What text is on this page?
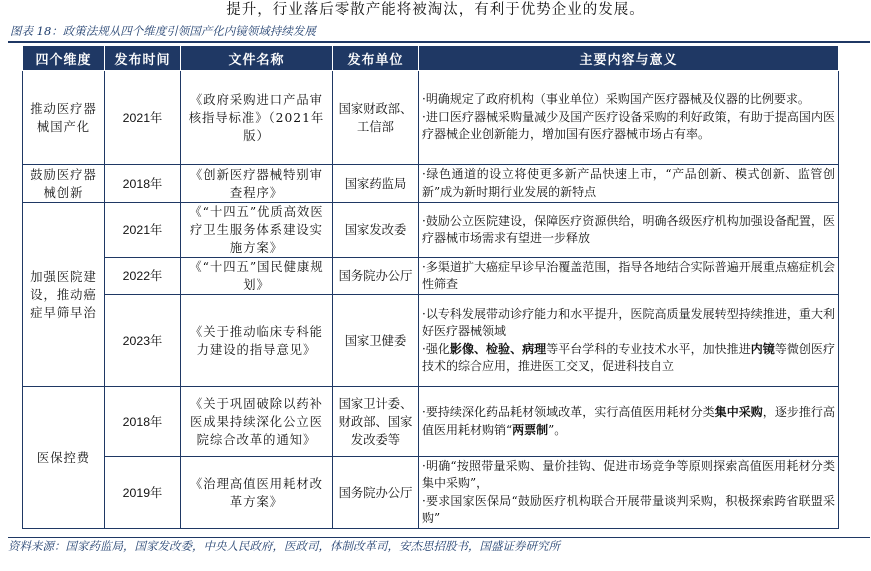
提升，行业落后零散产能将被淘汰，有利于优势企业的发展。
图表 18：政策法规从四个维度引领国产化内镜领域持续发展
四个维度	发布时间	文件名称	发布单位	主要内容与意义
推动医疗器械国产化	2021年	《政府采购进口产品审核指导标准》（2021年版）	国家财政部、工信部	·明确规定了政府机构（事业单位）采购国产医疗器械及仪器的比例要求。

·进口医疗器械采购量减少及国产医疗设备采购的利好政策，有助于提高国内医疗器械企业创新能力，增加国有医疗器械市场占有率。

鼓励医疗器械创新	2018年	《创新医疗器械特别审查程序》	国家药监局	·绿色通道的设立将使更多新产品快速上市，“产品创新、模式创新、监管创新”成为新时期行业发展的新特点

加强医院建设，推动癌症早筛早治	2021年	《“十四五”优质高效医疗卫生服务体系建设实施方案》	国家发改委	·鼓励公立医院建设，保障医疗资源供给，明确各级医疗机构加强设备配置，医疗器械市场需求有望进一步释放

	2022年	《“十四五”国民健康规划》	国务院办公厅	·多渠道扩大癌症早诊早治覆盖范围，指导各地结合实际普遍开展重点癌症机会性筛查

	2023年	《关于推动临床专科能力建设的指导意见》	国家卫健委	·以专科发展带动诊疗能力和水平提升，医院高质量发展转型持续推进，重大利好医疗器械领域

·强化影像、检验、病理等平台学科的专业技术水平，加快推进内镜等微创医疗技术的综合应用，推进医工交叉，促进科技自立

医保控费	2018年	《关于巩固破除以药补医成果持续深化公立医院综合改革的通知》	国家卫计委、财政部、国家发改委等	·要持续深化药品耗材领域改革，实行高值医用耗材分类集中采购，逐步推行高值医用耗材购销“两票制”。

	2019年	《治理高值医用耗材改革方案》	国务院办公厅	·明确“按照带量采购、量价挂钩、促进市场竞争等原则探索高值医用耗材分类集中采购”，

·要求国家医保局“鼓励医疗机构联合开展带量谈判采购，积极探索跨省联盟采购”

资料来源：国家药监局，国家发改委，中央人民政府，医政司，体制改革司，安杰思招股书，国盛证券研究所
